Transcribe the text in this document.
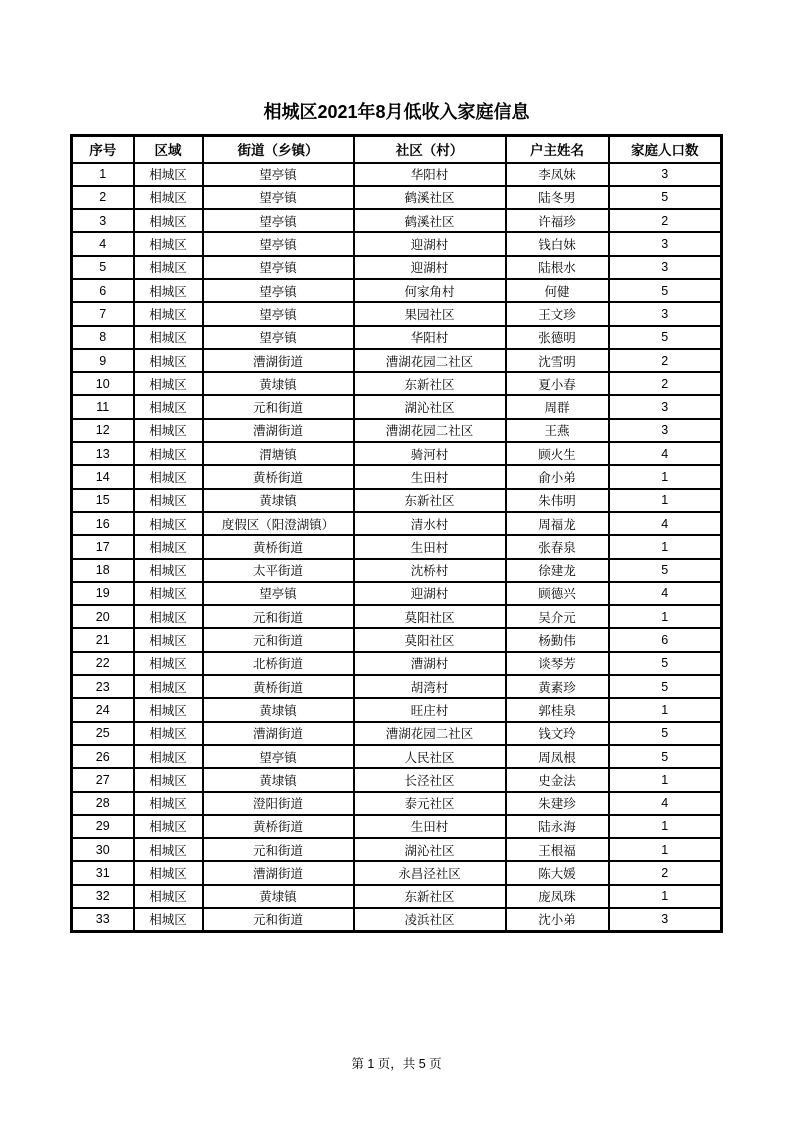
相城区2021年8月低收入家庭信息
序号	区域	街道（乡镇）	社区（村）	户主姓名	家庭人口数
1	相城区	望亭镇	华阳村	李凤妹	3
2	相城区	望亭镇	鹤溪社区	陆冬男	5
3	相城区	望亭镇	鹤溪社区	许福珍	2
4	相城区	望亭镇	迎湖村	钱白妹	3
5	相城区	望亭镇	迎湖村	陆根水	3
6	相城区	望亭镇	何家角村	何健	5
7	相城区	望亭镇	果园社区	王文珍	3
8	相城区	望亭镇	华阳村	张德明	5
9	相城区	漕湖街道	漕湖花园二社区	沈雪明	2
10	相城区	黄埭镇	东新社区	夏小春	2
11	相城区	元和街道	湖沁社区	周群	3
12	相城区	漕湖街道	漕湖花园二社区	王燕	3
13	相城区	渭塘镇	骑河村	顾火生	4
14	相城区	黄桥街道	生田村	俞小弟	1
15	相城区	黄埭镇	东新社区	朱伟明	1
16	相城区	度假区（阳澄湖镇）	清水村	周福龙	4
17	相城区	黄桥街道	生田村	张春泉	1
18	相城区	太平街道	沈桥村	徐建龙	5
19	相城区	望亭镇	迎湖村	顾德兴	4
20	相城区	元和街道	莫阳社区	吴介元	1
21	相城区	元和街道	莫阳社区	杨勤伟	6
22	相城区	北桥街道	漕湖村	谈琴芳	5
23	相城区	黄桥街道	胡湾村	黄素珍	5
24	相城区	黄埭镇	旺庄村	郭桂泉	1
25	相城区	漕湖街道	漕湖花园二社区	钱文玲	5
26	相城区	望亭镇	人民社区	周凤根	5
27	相城区	黄埭镇	长泾社区	史金法	1
28	相城区	澄阳街道	泰元社区	朱建珍	4
29	相城区	黄桥街道	生田村	陆永海	1
30	相城区	元和街道	湖沁社区	王根福	1
31	相城区	漕湖街道	永昌泾社区	陈大媛	2
32	相城区	黄埭镇	东新社区	庞凤珠	1
33	相城区	元和街道	凌浜社区	沈小弟	3
第 1 页，共 5 页
